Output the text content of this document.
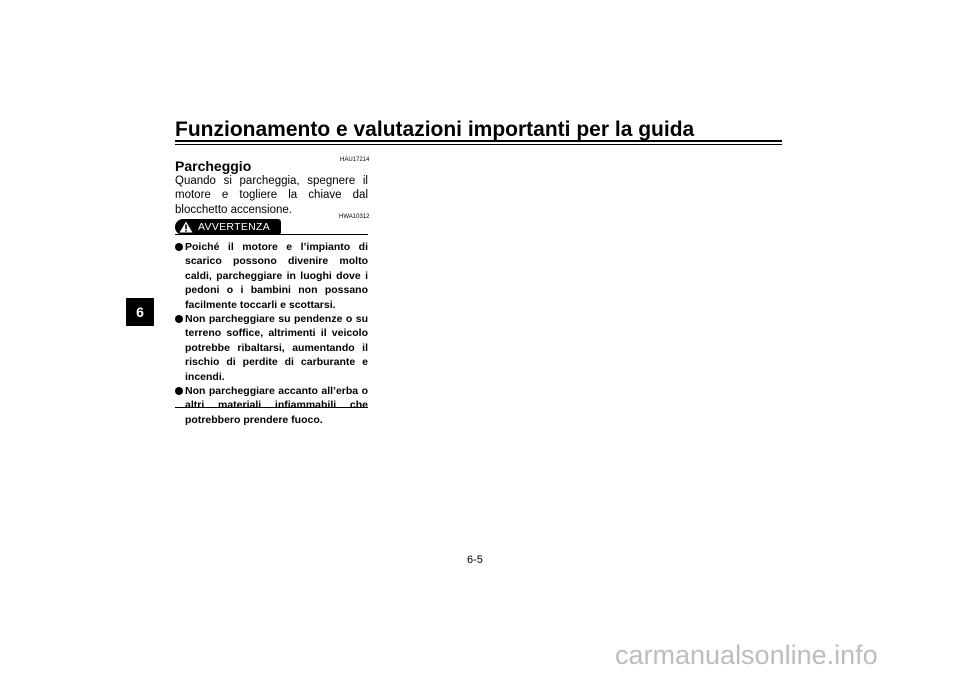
Funzionamento e valutazioni importanti per la guida
6
HAU17214
Parcheggio
Quando si parcheggia, spegnere il motore e togliere la chiave dal blocchetto accensione.
HWA10312
AVVERTENZA
Poiché il motore e l’impianto di scarico possono divenire molto caldi, parcheggiare in luoghi dove i pedoni o i bambini non possano facilmente toccarli e scottarsi.
Non parcheggiare su pendenze o su terreno soffice, altrimenti il veicolo potrebbe ribaltarsi, aumentando il rischio di perdite di carburante e incendi.
Non parcheggiare accanto all’erba o altri materiali infiammabili che potrebbero prendere fuoco.
6-5
carmanualsonline.info
